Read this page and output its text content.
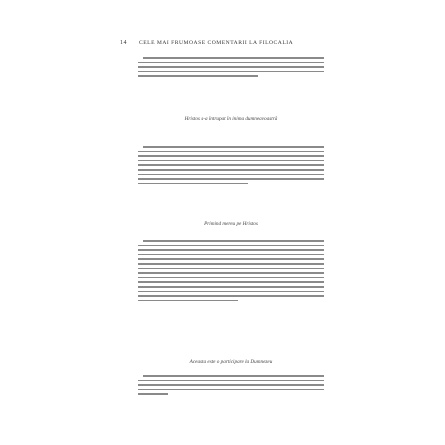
14 CELE MAI FRUMOASE COMENTARII LA FILOCALIA
Hristos s-a întrupat în inima dumneavoastră
Primind mereu pe Hristos
Aceasta este o participare la Dumnezeu
